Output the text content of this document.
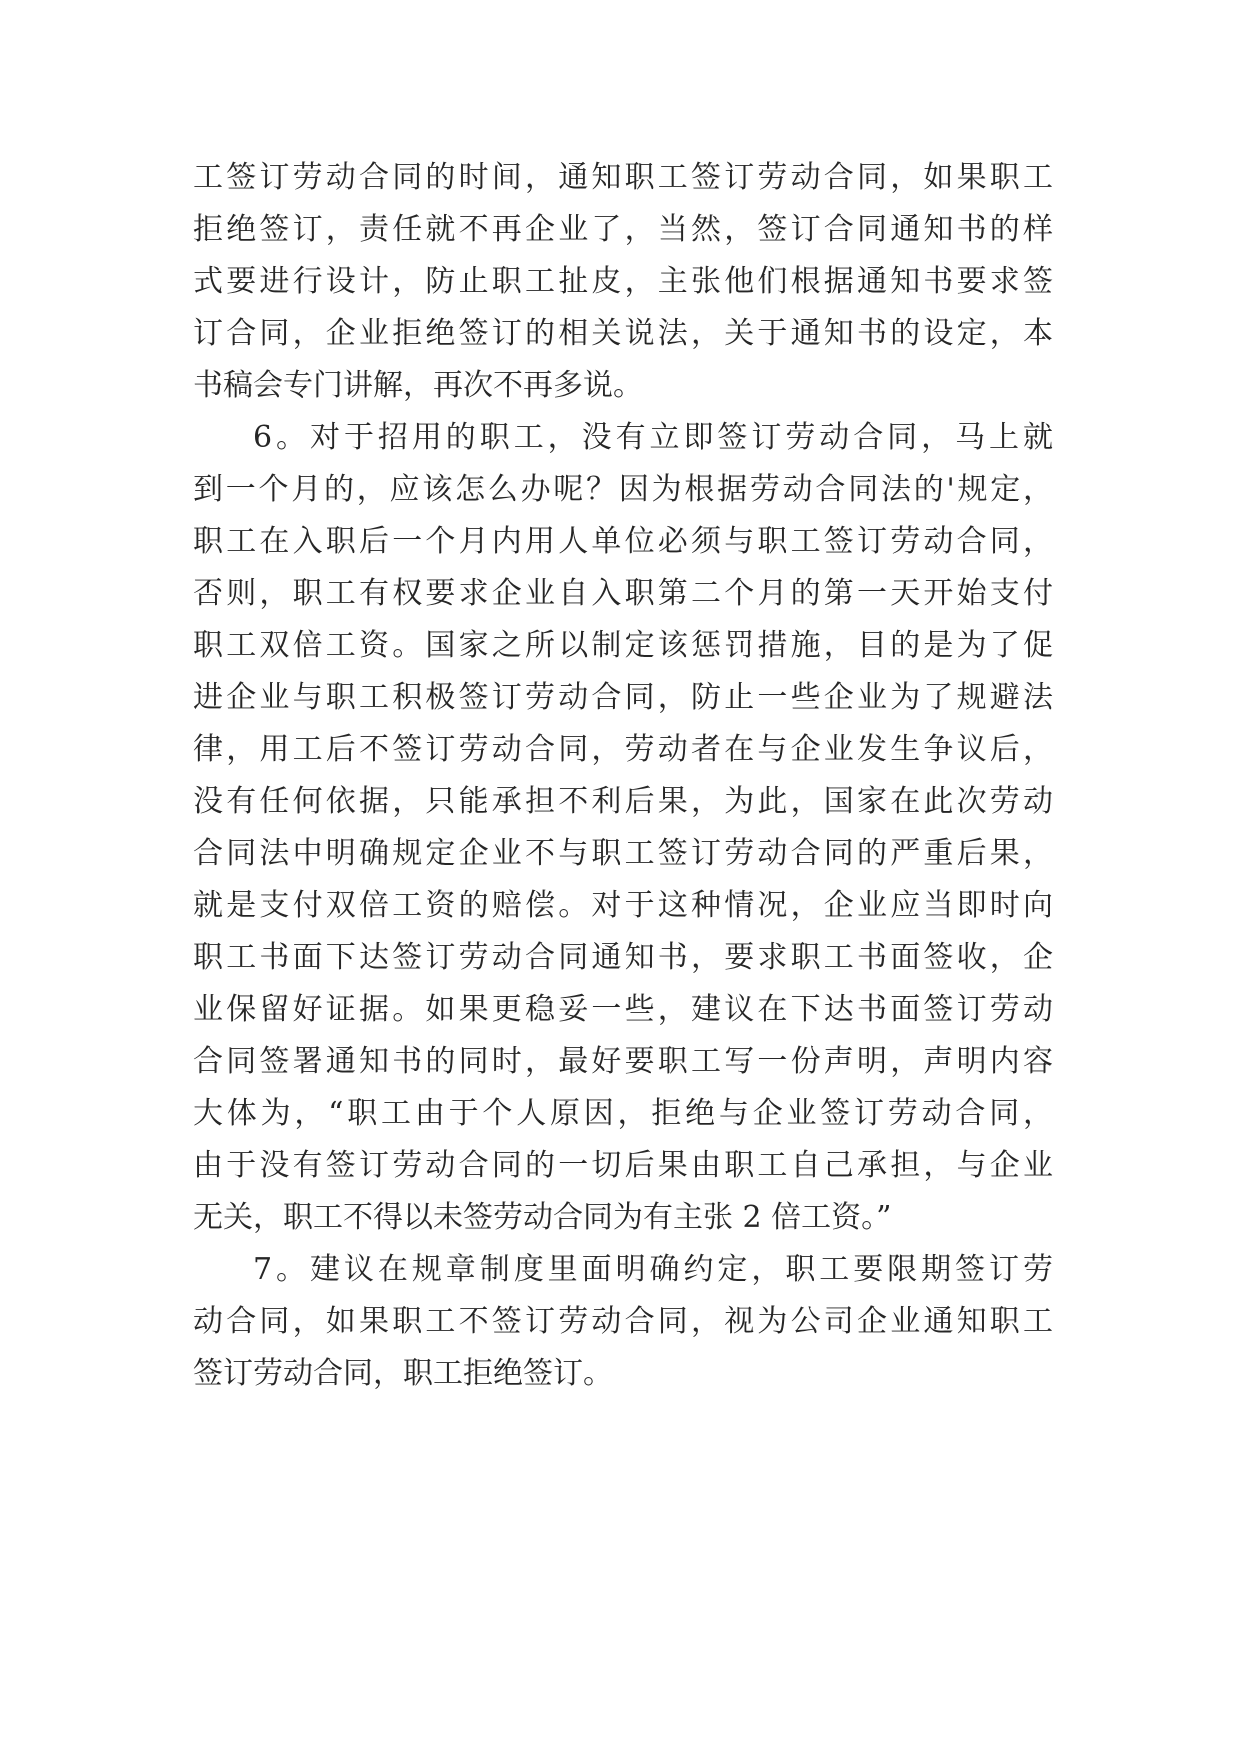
工签订劳动合同的时间，通知职工签订劳动合同，如果职工
拒绝签订，责任就不再企业了，当然，签订合同通知书的样
式要进行设计，防止职工扯皮，主张他们根据通知书要求签
订合同，企业拒绝签订的相关说法，关于通知书的设定，本
书稿会专门讲解，再次不再多说。
6。对于招用的职工，没有立即签订劳动合同，马上就
到一个月的，应该怎么办呢？因为根据劳动合同法的'规定，
职工在入职后一个月内用人单位必须与职工签订劳动合同，
否则，职工有权要求企业自入职第二个月的第一天开始支付
职工双倍工资。国家之所以制定该惩罚措施，目的是为了促
进企业与职工积极签订劳动合同，防止一些企业为了规避法
律，用工后不签订劳动合同，劳动者在与企业发生争议后，
没有任何依据，只能承担不利后果，为此，国家在此次劳动
合同法中明确规定企业不与职工签订劳动合同的严重后果，
就是支付双倍工资的赔偿。对于这种情况，企业应当即时向
职工书面下达签订劳动合同通知书，要求职工书面签收，企
业保留好证据。如果更稳妥一些，建议在下达书面签订劳动
合同签署通知书的同时，最好要职工写一份声明，声明内容
大体为，“职工由于个人原因，拒绝与企业签订劳动合同，
由于没有签订劳动合同的一切后果由职工自己承担，与企业
无关，职工不得以未签劳动合同为有主张 2 倍工资。”
7。建议在规章制度里面明确约定，职工要限期签订劳
动合同，如果职工不签订劳动合同，视为公司企业通知职工
签订劳动合同，职工拒绝签订。
